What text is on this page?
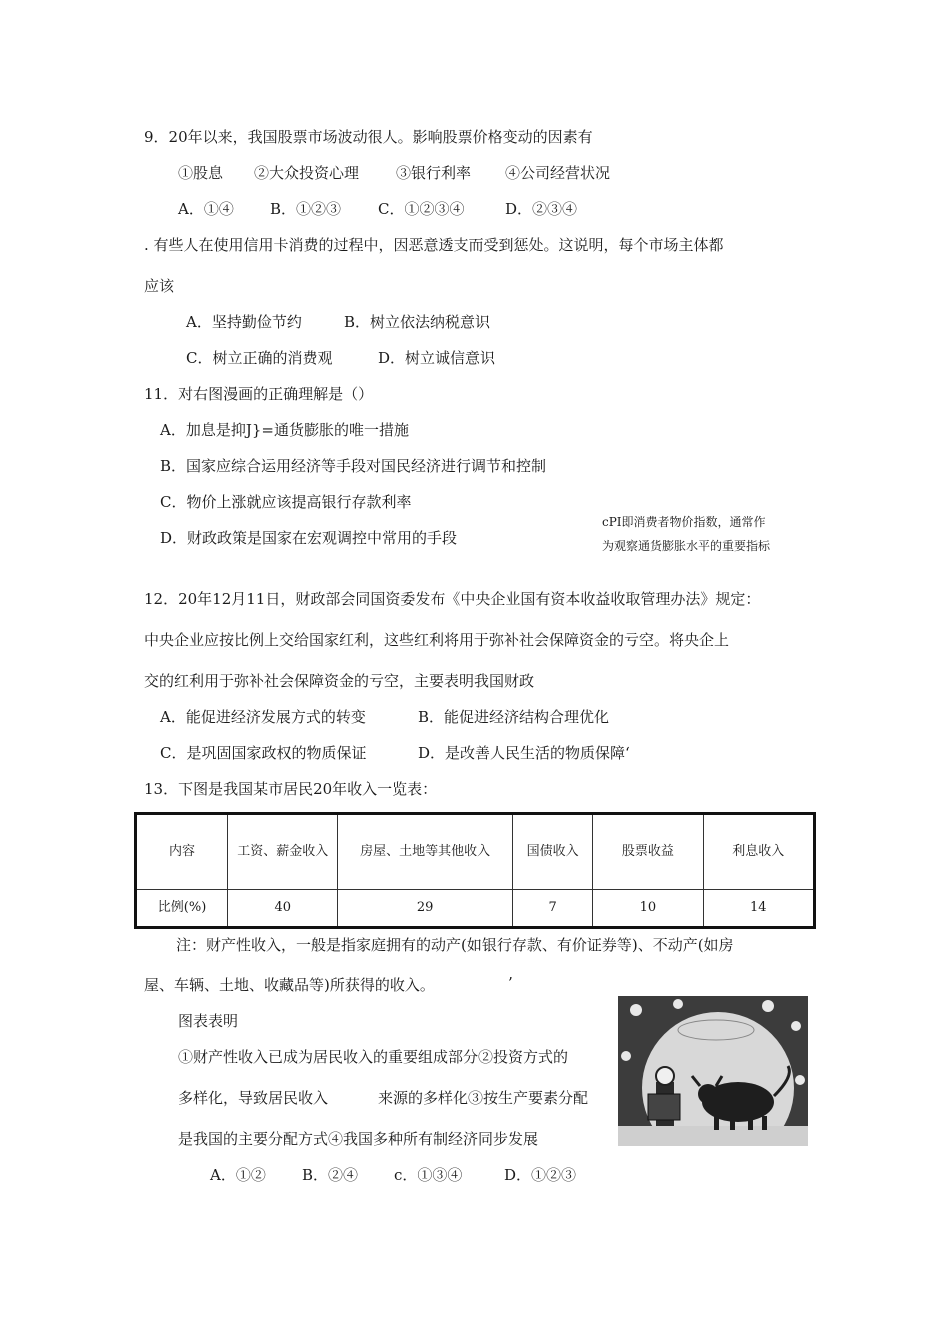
9．20年以来，我国股票市场波动很人。影响股票价格变动的因素有
①股息 ②大众投资心理 ③银行利率 ④公司经营状况
A．①④ B．①②③ C．①②③④	D．②③④
. 有些人在使用信用卡消费的过程中，因恶意透支而受到惩处。这说明，每个市场主体都
应该
A．坚持勤俭节约	B．树立依法纳税意识
C．树立正确的消费观	D．树立诚信意识
11．对右图漫画的正确理解是（）
A．加息是抑J}=通货膨胀的唯一措施
B．国家应综合运用经济等手段对国民经济进行调节和控制
C．物价上涨就应该提高银行存款利率
D．财政政策是国家在宏观调控中常用的手段
cPI即消费者物价指数，通常作
为观察通货膨胀水平的重要指标
12．20年12月11日，财政部会同国资委发布《中央企业国有资本收益收取管理办法》规定：
中央企业应按比例上交给国家红利，这些红利将用于弥补社会保障资金的亏空。将央企上
交的红利用于弥补社会保障资金的亏空，主要表明我国财政
A．能促进经济发展方式的转变	B．能促进经济结构合理优化
C．是巩固国家政权的物质保证	D．是改善人民生活的物质保障‘
13．下图是我国某市居民20年收入一览表：
内容	工资、薪金收入	房屋、土地等其他收入	国债收入	股票收益	利息收入
比例(%)	40	29	7	10	14
注：财产性收入，一般是指家庭拥有的动产(如银行存款、有价证券等)、不动产(如房
屋、车辆、土地、收藏品等)所获得的收入。	’
图表表明
①财产性收入已成为居民收入的重要组成部分②投资方式的
多样化，导致居民收入	来源的多样化③按生产要素分配
是我国的主要分配方式④我国多种所有制经济同步发展
A．①② B．②④ c．①③④	D．①②③
